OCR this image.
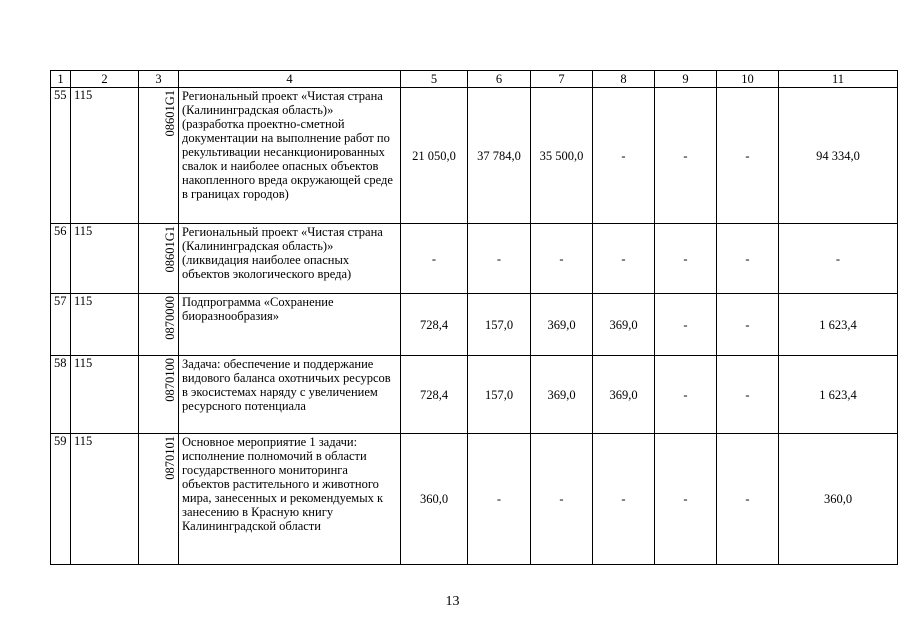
1	2	3	4	5	6	7	8	9	10	11
55	115	08601G1	Региональный проект «Чистая страна (Калининградская область)» (разработка проектно-сметной документации на выполнение работ по рекультивации несанкционированных свалок и наиболее опасных объектов накопленного вреда окружающей среде в границах городов)	21 050,0	37 784,0	35 500,0	-	-	-	94 334,0
56	115	08601G1	Региональный проект «Чистая страна (Калининградская область)» (ликвидация наиболее опасных объектов экологического вреда)	-	-	-	-	-	-	-
57	115	0870000	Подпрограмма «Сохранение биоразнообразия»	728,4	157,0	369,0	369,0	-	-	1 623,4
58	115	0870100	Задача: обеспечение и поддержание видового баланса охотничьих ресурсов в экосистемах наряду с увеличением ресурсного потенциала	728,4	157,0	369,0	369,0	-	-	1 623,4
59	115	0870101	Основное мероприятие 1 задачи: исполнение полномочий в области государственного мониторинга объектов растительного и животного мира, занесенных и рекомендуемых к занесению в Красную книгу Калининградской области	360,0	-	-	-	-	-	360,0
13
